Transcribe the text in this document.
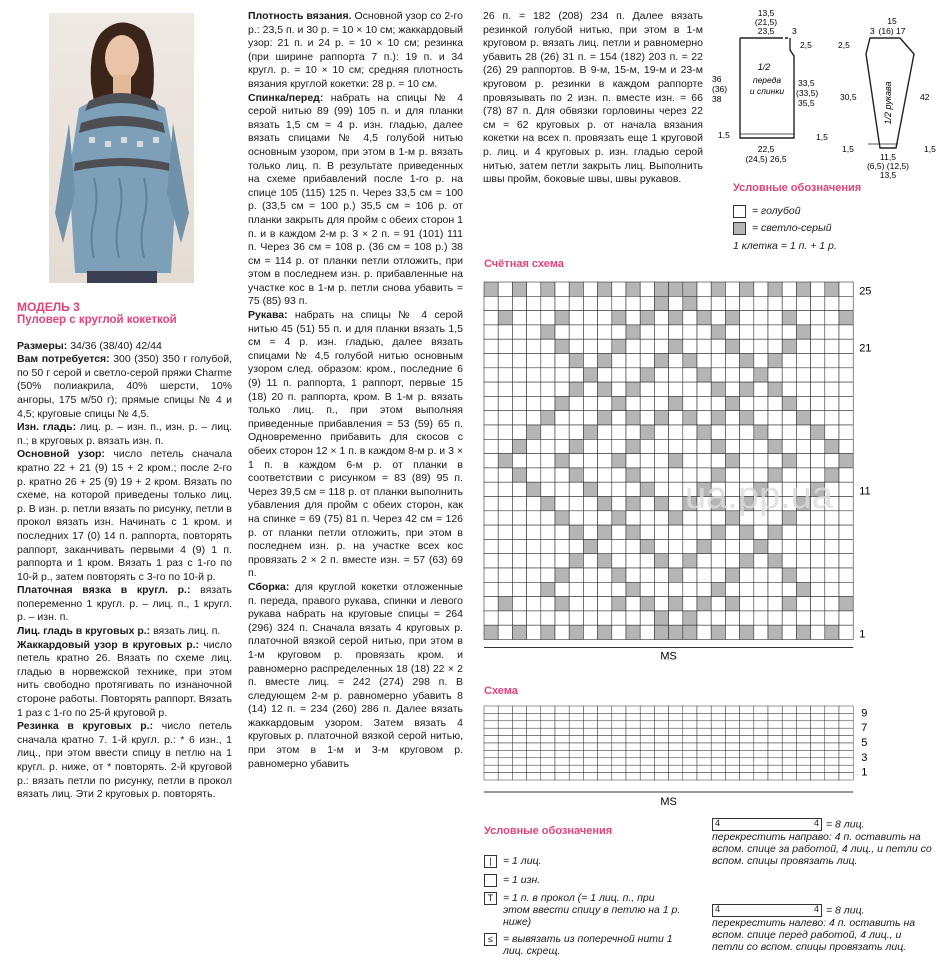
МОДЕЛЬ 3
Пуловер с круглой кокеткой

Размеры: 34/36 (38/40) 42/44

Вам потребуется: 300 (350) 350 г голубой, по 50 г серой и светло-серой пряжи Charme (50% полиакрила, 40% шерсти, 10% ангоры, 175 м/50 г); прямые спицы № 4 и 4,5; круговые спицы № 4,5.

Изн. гладь: лиц. р. – изн. п., изн. р. – лиц. п.; в круговых р. вязать изн. п.

Основной узор: число петель сначала кратно 22 + 21 (9) 15 + 2 кром.; после 2-го р. кратно 26 + 25 (9) 19 + 2 кром. Вязать по схеме, на которой приведены только лиц. р. В изн. р. петли вязать по рисунку, петли в прокол вязать изн. Начинать с 1 кром. и последних 17 (0) 14 п. раппорта, повторять раппорт, заканчивать первыми 4 (9) 1 п. раппорта и 1 кром. Вязать 1 раз с 1-го по 10-й р., затем повторять с 3-го по 10-й р.

Платочная вязка в кругл. р.: вязать попеременно 1 кругл. р. – лиц. п., 1 кругл. р. – изн. п.

Лиц. гладь в круговых р.: вязать лиц. п.

Жаккардовый узор в круговых р.: число петель кратно 26. Вязать по схеме лиц. гладью в норвежской технике, при этом нить свободно протягивать по изнаночной стороне работы. Повторять раппорт. Вязать 1 раз с 1-го по 25-й круговой р.

Резинка в круговых р.: число петель сначала кратно 7. 1-й кругл. р.: * 6 изн., 1 лиц., при этом ввести спицу в петлю на 1 кругл. р. ниже, от * повторять. 2-й круговой р.: вязать петли по рисунку, петли в прокол вязать лиц. Эти 2 круговых р. повторять.

Плотность вязания. Основной узор со 2-го р.: 23,5 п. и 30 р. = 10 × 10 см; жаккардовый узор: 21 п. и 24 р. = 10 × 10 см; резинка (при ширине раппорта 7 п.): 19 п. и 34 кругл. р. = 10 × 10 см; средняя плотность вязания круглой кокетки: 28 р. = 10 см.

Спинка/перед: набрать на спицы № 4 серой нитью 89 (99) 105 п. и для планки вязать 1,5 см = 4 р. изн. гладью, далее вязать спицами № 4,5 голубой нитью основным узором, при этом в 1-м р. вязать только лиц. п. В результате приведенных на схеме прибавлений после 1-го р. на спице 105 (115) 125 п. Через 33,5 см = 100 р. (33,5 см = 100 р.) 35,5 см = 106 р. от планки закрыть для пройм с обеих сторон 1 п. и в каждом 2-м р. 3 × 2 п. = 91 (101) 111 п. Через 36 см = 108 р. (36 см = 108 р.) 38 см = 114 р. от планки петли отложить, при этом в последнем изн. р. прибавленные на участке кос в 1-м р. петли снова убавить = 75 (85) 93 п.

Рукава: набрать на спицы № 4 серой нитью 45 (51) 55 п. и для планки вязать 1,5 см = 4 р. изн. гладью, далее вязать спицами № 4,5 голубой нитью основным узором след. образом: кром., последние 6 (9) 11 п. раппорта, 1 раппорт, первые 15 (18) 20 п. раппорта, кром. В 1-м р. вязать только лиц. п., при этом выполняя приведенные прибавления = 53 (59) 65 п. Одновременно прибавить для скосов с обеих сторон 12 × 1 п. в каждом 8-м р. и 3 × 1 п. в каждом 6-м р. от планки в соответствии с рисунком = 83 (89) 95 п. Через 39,5 см = 118 р. от планки выполнить убавления для пройм с обеих сторон, как на спинке = 69 (75) 81 п. Через 42 см = 126 р. от планки петли отложить, при этом в последнем изн. р. на участке всех кос провязать 2 × 2 п. вместе изн. = 57 (63) 69 п.

Сборка: для круглой кокетки отложенные п. переда, правого рукава, спинки и левого рукава набрать на круговые спицы = 264 (296) 324 п. Сначала вязать 4 круговых р. платочной вязкой серой нитью, при этом в 1-м круговом р. провязать кром. и равномерно распределенных 18 (18) 22 × 2 п. вместе лиц. = 242 (274) 298 п. В следующем 2-м р. равномерно убавить 8 (14) 12 п. = 234 (260) 286 п. Далее вязать жаккардовым узором. Затем вязать 4 круговых р. платочной вязкой серой нитью, при этом в 1-м и 3-м круговом р. равномерно убавить

26 п. = 182 (208) 234 п. Далее вязать резинкой голубой нитью, при этом в 1-м круговом р. вязать лиц. петли и равномерно убавить 28 (26) 31 п. = 154 (182) 203 п. = 22 (26) 29 раппортов. В 9-м, 15-м, 19-м и 23-м круговом р. резинки в каждом раппорте провязывать по 2 изн. п. вместе изн. = 66 (78) 87 п. Для обвязки горловины через 22 см = 62 круговых р. от начала вязания кокетки на всех п. провязать еще 1 круговой р. лиц. и 4 круговых р. изн. гладью серой нитью, затем петли закрыть лиц. Выполнить швы пройм, боковые швы, швы рукавов.

1/2
переда
и спинки
13,5
(21,5)
23,5 3
2,5
36
(36)
38
33,5
(33,5)
35,5
1,5
22,5
(24,5) 26,5
1,5
1/2 рукава
3
15
(16) 17
2,5
30,5	42
1,5
11,5
(6,5) (12,5)
13,5
1,5
Условные обозначения
= голубой
= светло-серый
1 клетка = 1 п. + 1 р.
Счётная схема
25
21
11
1
ua.pp.ua
MS
Схема
9
7
5
3
1
MS
Условные обозначения
|	= 1 лиц.
= 1 изн.
T = 1 п. в прокол (= 1 лиц. п., при этом ввести спицу в петлю на 1 р. ниже)
≤ = вывязать из поперечной нити 1 лиц. скрещ.
4	4 = 8 лиц. перекрестить направо: 4 п. оставить на вспом. спице за работой, 4 лиц., и петли со вспом. спицы провязать лиц.
4	4 = 8 лиц. перекрестить налево: 4 п. оставить на вспом. спице перед работой, 4 лиц., и петли со вспом. спицы провязать лиц.
